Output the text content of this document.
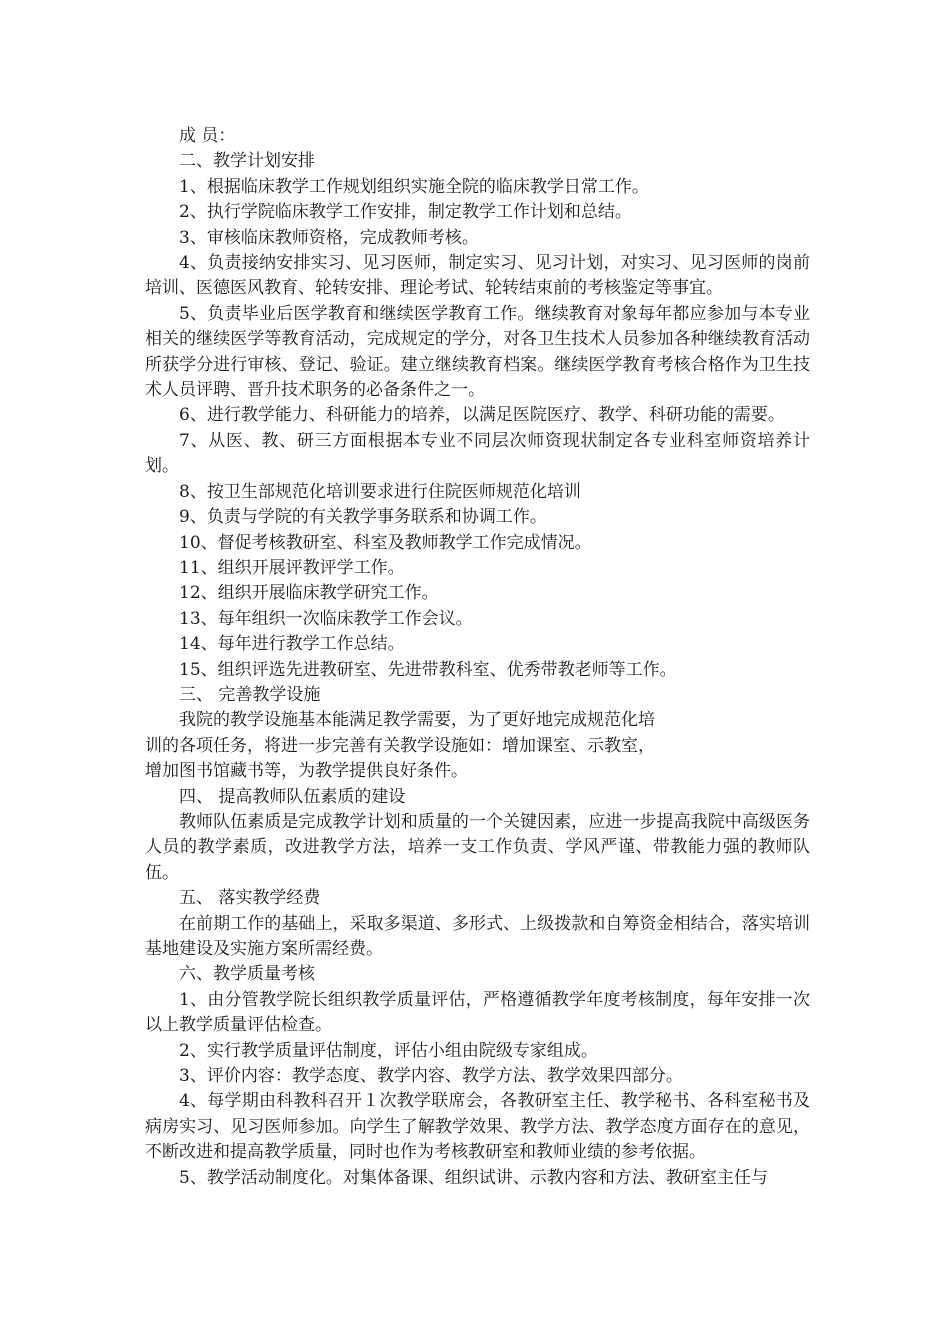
成 员：

二、教学计划安排

1、根据临床教学工作规划组织实施全院的临床教学日常工作。

2、执行学院临床教学工作安排，制定教学工作计划和总结。

3、审核临床教师资格，完成教师考核。

4、负责接纳安排实习、见习医师，制定实习、见习计划，对实习、见习医师的岗前培训、医德医风教育、轮转安排、理论考试、轮转结束前的考核鉴定等事宜。

5、负责毕业后医学教育和继续医学教育工作。继续教育对象每年都应参加与本专业相关的继续医学等教育活动，完成规定的学分，对各卫生技术人员参加各种继续教育活动所获学分进行审核、登记、验证。建立继续教育档案。继续医学教育考核合格作为卫生技术人员评聘、晋升技术职务的必备条件之一。

6、进行教学能力、科研能力的培养，以满足医院医疗、教学、科研功能的需要。

7、从医、教、研三方面根据本专业不同层次师资现状制定各专业科室师资培养计划。

8、按卫生部规范化培训要求进行住院医师规范化培训

9、负责与学院的有关教学事务联系和协调工作。

10、督促考核教研室、科室及教师教学工作完成情况。

11、组织开展评教评学工作。

12、组织开展临床教学研究工作。

13、每年组织一次临床教学工作会议。

14、每年进行教学工作总结。

15、组织评选先进教研室、先进带教科室、优秀带教老师等工作。

三、 完善教学设施

我院的教学设施基本能满足教学需要，为了更好地完成规范化培

训的各项任务，将进一步完善有关教学设施如：增加课室、示教室，

增加图书馆藏书等，为教学提供良好条件。

四、 提高教师队伍素质的建设

教师队伍素质是完成教学计划和质量的一个关键因素，应进一步提高我院中高级医务人员的教学素质，改进教学方法，培养一支工作负责、学风严谨、带教能力强的教师队伍。

五、 落实教学经费

在前期工作的基础上，采取多渠道、多形式、上级拨款和自筹资金相结合，落实培训基地建设及实施方案所需经费。

六、教学质量考核

1、由分管教学院长组织教学质量评估，严格遵循教学年度考核制度，每年安排一次以上教学质量评估检查。

2、实行教学质量评估制度，评估小组由院级专家组成。

3、评价内容：教学态度、教学内容、教学方法、教学效果四部分。

4、每学期由科教科召开１次教学联席会，各教研室主任、教学秘书、各科室秘书及病房实习、见习医师参加。向学生了解教学效果、教学方法、教学态度方面存在的意见，不断改进和提高教学质量，同时也作为考核教研室和教师业绩的参考依据。

5、教学活动制度化。对集体备课、组织试讲、示教内容和方法、教研室主任与
